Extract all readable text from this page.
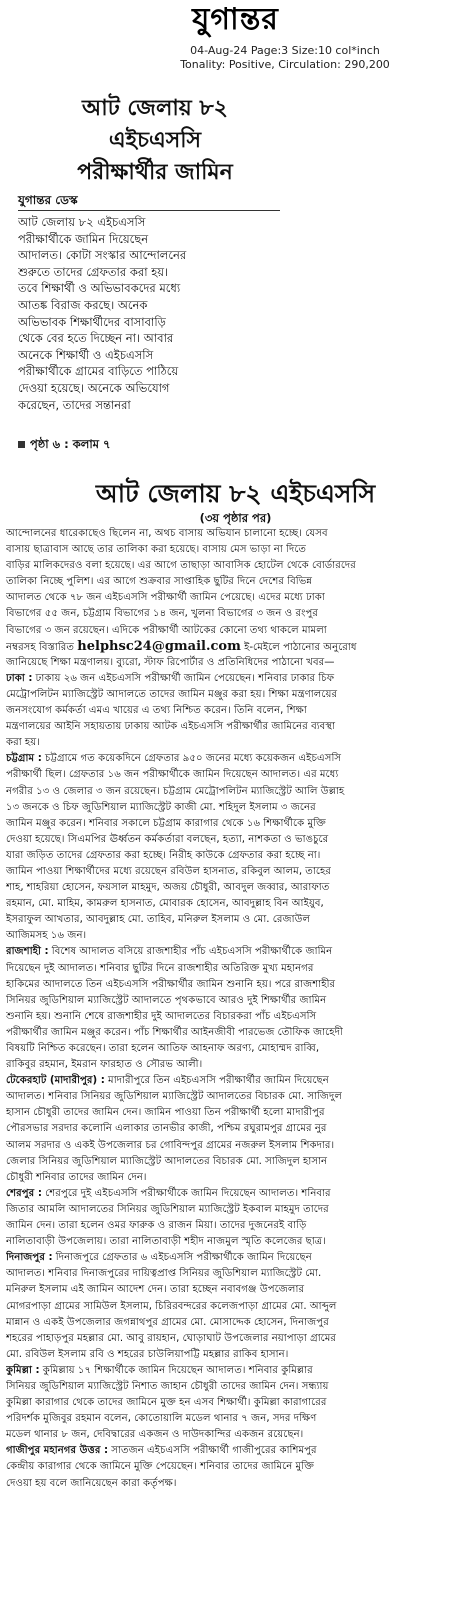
যুগান্তর
04-Aug-24 Page:3 Size:10 col*inch
Tonality: Positive, Circulation: 290,200
আট জেলায় ৮২
এইচএসসি
পরীক্ষার্থীর জামিন
যুগান্তর ডেস্ক
আট জেলায় ৮২ এইচএসসি
পরীক্ষার্থীকে জামিন দিয়েছেন
আদালত। কোটা সংস্কার আন্দোলনের
শুরুতে তাদের গ্রেফতার করা হয়।
তবে শিক্ষার্থী ও অভিভাবকদের মধ্যে
আতঙ্ক বিরাজ করছে। অনেক
অভিভাবক শিক্ষার্থীদের বাসাবাড়ি
থেকে বের হতে দিচ্ছেন না। আবার
অনেকে শিক্ষার্থী ও এইচএসসি
পরীক্ষার্থীকে গ্রামের বাড়িতে পাঠিয়ে
দেওয়া হয়েছে। অনেকে অভিযোগ
করেছেন, তাদের সন্তানরা
পৃষ্ঠা ৬ : কলাম ৭
আট জেলায় ৮২ এইচএসসি
(৩য় পৃষ্ঠার পর)
আন্দোলনের ধারেকাছেও ছিলেন না, অথচ বাসায় অভিযান চালানো হচ্ছে। যেসব
বাসায় ছাত্রাবাস আছে তার তালিকা করা হয়েছে। বাসায় মেস ভাড়া না দিতে
বাড়ির মালিকদেরও বলা হয়েছে। এর আগে তাছাড়া আবাসিক হোটেল থেকে বোর্ডারদের
তালিকা নিচ্ছে পুলিশ। এর আগে শুক্রবার সাপ্তাহিক ছুটির দিনে দেশের বিভিন্ন
আদালত থেকে ৭৮ জন এইচএসসি পরীক্ষার্থী জামিন পেয়েছে। এদের মধ্যে ঢাকা
বিভাগের ৫৫ জন, চট্টগ্রাম বিভাগের ১৪ জন, খুলনা বিভাগের ৩ জন ও রংপুর
বিভাগের ৩ জন রয়েছেন। এদিকে পরীক্ষার্থী আটকের কোনো তথ্য থাকলে মামলা
নম্বরসহ বিস্তারিত helphsc24@gmail.com ই-মেইলে পাঠানোর অনুরোধ
জানিয়েছে শিক্ষা মন্ত্রণালয়। ব্যুরো, স্টাফ রিপোর্টার ও প্রতিনিধিদের পাঠানো খবর—
ঢাকা : ঢাকায় ২৬ জন এইচএসসি পরীক্ষার্থী জামিন পেয়েছেন। শনিবার ঢাকার চিফ
মেট্রোপলিটন ম্যাজিস্ট্রেট আদালতে তাদের জামিন মঞ্জুর করা হয়। শিক্ষা মন্ত্রণালয়ের
জনসংযোগ কর্মকর্তা এমএ খায়ের এ তথ্য নিশ্চিত করেন। তিনি বলেন, শিক্ষা
মন্ত্রণালয়ের আইনি সহায়তায় ঢাকায় আটক এইচএসসি পরীক্ষার্থীর জামিনের ব্যবস্থা
করা হয়।
চট্টগ্রাম : চট্টগ্রামে গত কয়েকদিনে গ্রেফতার ৯৫০ জনের মধ্যে কয়েকজন এইচএসসি
পরীক্ষার্থী ছিল। গ্রেফতার ১৬ জন পরীক্ষার্থীকে জামিন দিয়েছেন আদালত। এর মধ্যে
নগরীর ১৩ ও জেলার ৩ জন রয়েছেন। চট্টগ্রাম মেট্রোপলিটন ম্যাজিস্ট্রেট আলি উল্লাহ
১৩ জনকে ও চিফ জুডিশিয়াল ম্যাজিস্ট্রেট কাজী মো. শহিদুল ইসলাম ৩ জনের
জামিন মঞ্জুর করেন। শনিবার সকালে চট্টগ্রাম কারাগার থেকে ১৬ শিক্ষার্থীকে মুক্তি
দেওয়া হয়েছে। সিএমপির ঊর্ধ্বতন কর্মকর্তারা বলছেন, হত্যা, নাশকতা ও ভাঙচুরে
যারা জড়িত তাদের গ্রেফতার করা হচ্ছে। নিরীহ কাউকে গ্রেফতার করা হচ্ছে না।
জামিন পাওয়া শিক্ষার্থীদের মধ্যে রয়েছেন রবিউল হাসনাত, রকিবুল আলম, তাহের
শাহ, শাহরিয়া হোসেন, ফয়সাল মাহমুদ, অজয় চৌধুরী, আবদুল জব্বার, আরাফাত
রহমান, মো. মাহিম, কামরুল হাসনাত, মোবারক হোসেন, আবদুল্লাহ বিন আইয়ুব,
ইসরাফুল আখতার, আবদুল্লাহ মো. তাহিব, মনিরুল ইসলাম ও মো. রেজাউল
আজিমসহ ১৬ জন।
রাজশাহী : বিশেষ আদালত বসিয়ে রাজশাহীর পাঁচ এইচএসসি পরীক্ষার্থীকে জামিন
দিয়েছেন দুই আদালত। শনিবার ছুটির দিনে রাজশাহীর অতিরিক্ত মুখ্য মহানগর
হাকিমের আদালতে তিন এইচএসসি পরীক্ষার্থীর জামিন শুনানি হয়। পরে রাজশাহীর
সিনিয়র জুডিশিয়াল ম্যাজিস্ট্রেট আদালতে পৃথকভাবে আরও দুই শিক্ষার্থীর জামিন
শুনানি হয়। শুনানি শেষে রাজশাহীর দুই আদালতের বিচারকরা পাঁচ এইচএসসি
পরীক্ষার্থীর জামিন মঞ্জুর করেন। পাঁচ শিক্ষার্থীর আইনজীবী পারভেজ তৌফিক জাহেদী
বিষয়টি নিশ্চিত করেছেন। তারা হলেন আতিফ আহনাফ অরণ্য, মোহাম্মদ রাব্বি,
রাকিবুর রহমান, ইমরান ফারহাত ও সৌরভ আলী।
টেকেরহাট (মাদারীপুর) : মাদারীপুরে তিন এইচএসসি পরীক্ষার্থীর জামিন দিয়েছেন
আদালত। শনিবার সিনিয়র জুডিশিয়াল ম্যাজিস্ট্রেট আদালতের বিচারক মো. সাজিদুল
হাসান চৌধুরী তাদের জামিন দেন। জামিন পাওয়া তিন পরীক্ষার্থী হলো মাদারীপুর
পৌরসভার সরদার কলোনি এলাকার তানভীর কাজী, পশ্চিম রঘুরামপুর গ্রামের নুর
আলম সরদার ও একই উপজেলার চর গোবিন্দপুর গ্রামের নজরুল ইসলাম শিকদার।
জেলার সিনিয়র জুডিশিয়াল ম্যাজিস্ট্রেট আদালতের বিচারক মো. সাজিদুল হাসান
চৌধুরী শনিবার তাদের জামিন দেন।
শেরপুর : শেরপুরে দুই এইচএসসি পরীক্ষার্থীকে জামিন দিয়েছেন আদালত। শনিবার
জিতার আমলি আদালতের সিনিয়র জুডিশিয়াল ম্যাজিস্ট্রেট ইকবাল মাহমুদ তাদের
জামিন দেন। তারা হলেন ওমর ফারুক ও রাজন মিয়া। তাদের দুজনেরই বাড়ি
নালিতাবাড়ী উপজেলায়। তারা নালিতাবাড়ী শহীদ নাজমুল স্মৃতি কলেজের ছাত্র।
দিনাজপুর : দিনাজপুরে গ্রেফতার ৬ এইচএসসি পরীক্ষার্থীকে জামিন দিয়েছেন
আদালত। শনিবার দিনাজপুরের দায়িত্বপ্রাপ্ত সিনিয়র জুডিশিয়াল ম্যাজিস্ট্রেট মো.
মনিরুল ইসলাম এই জামিন আদেশ দেন। তারা হচ্ছেন নবাবগঞ্জ উপজেলার
মোগরপাড়া গ্রামের সামিউল ইসলাম, চিরিরবন্দরের কলেজপাড়া গ্রামের মো. আব্দুল
মান্নান ও একই উপজেলার জগন্নাথপুর গ্রামের মো. মোসাদ্দেক হোসেন, দিনাজপুর
শহরের পাহাড়পুর মহল্লার মো. আবু রায়হান, ঘোড়াঘাট উপজেলার নয়াপাড়া গ্রামের
মো. রবিউল ইসলাম রবি ও শহরের চাউলিয়াপট্টি মহল্লার রাকিব হাসান।
কুমিল্লা : কুমিল্লায় ১৭ শিক্ষার্থীকে জামিন দিয়েছেন আদালত। শনিবার কুমিল্লার
সিনিয়র জুডিশিয়াল ম্যাজিস্ট্রেট নিশাত জাহান চৌধুরী তাদের জামিন দেন। সন্ধ্যায়
কুমিল্লা কারাগার থেকে তাদের জামিনে মুক্ত হন এসব শিক্ষার্থী। কুমিল্লা কারাগারের
পরিদর্শক মুজিবুর রহমান বলেন, কোতোয়ালি মডেল থানার ৭ জন, সদর দক্ষিণ
মডেল থানার ৮ জন, দেবিদ্বারের একজন ও দাউদকান্দির একজন রয়েছেন।
গাজীপুর মহানগর উত্তর : সাতজন এইচএসসি পরীক্ষার্থী গাজীপুরের কাশিমপুর
কেন্দ্রীয় কারাগার থেকে জামিনে মুক্তি পেয়েছেন। শনিবার তাদের জামিনে মুক্তি
দেওয়া হয় বলে জানিয়েছেন কারা কর্তৃপক্ষ।
